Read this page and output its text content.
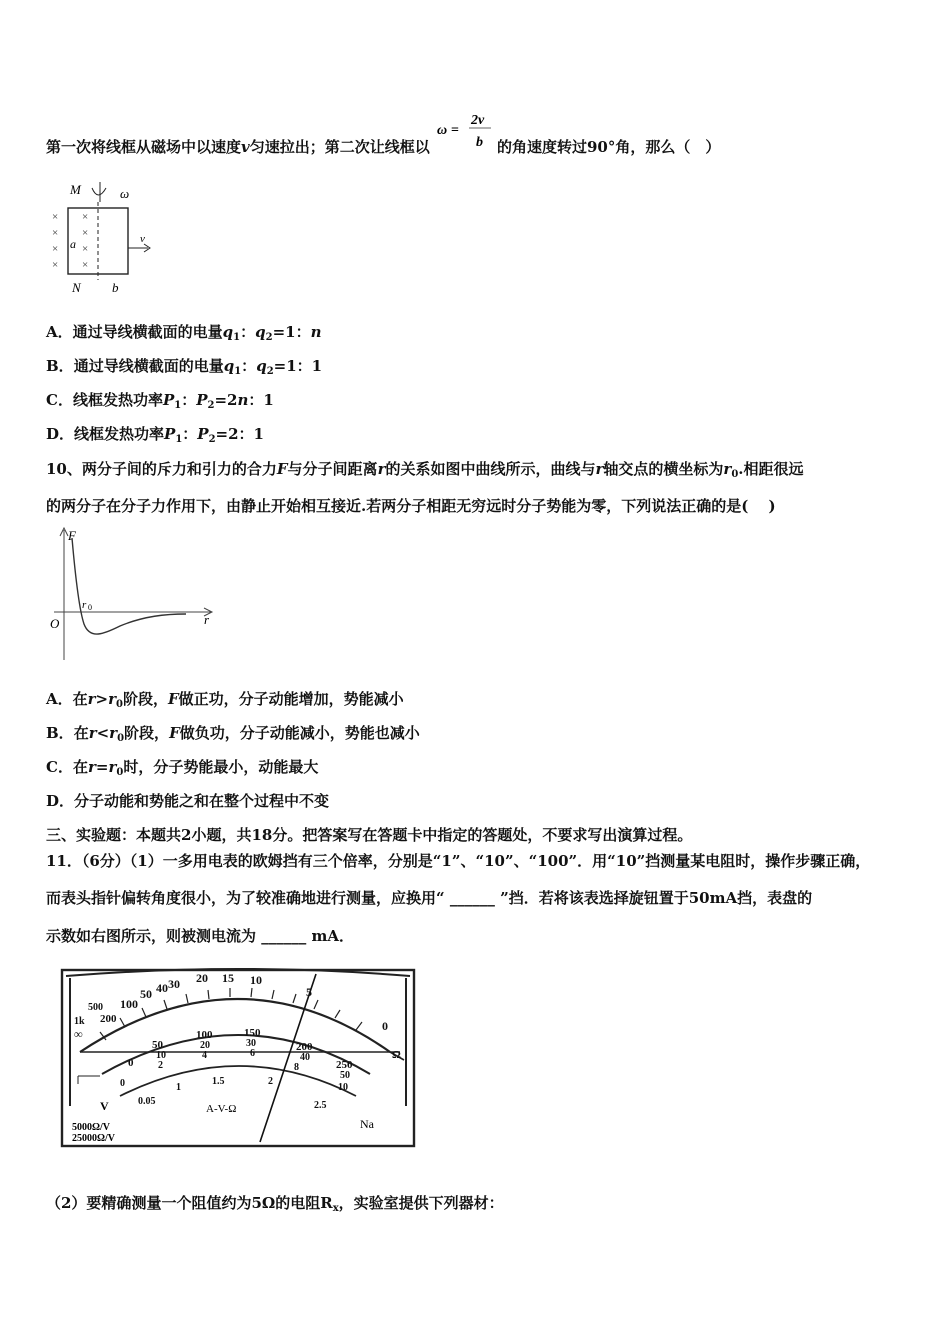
第一次将线框从磁场中以速度v匀速拉出；第二次让线框以
ω =
2v
b 的角速度转过90°角，那么（　）
M	ω
×
×
×
×
×
×
×
×
a	v
N b
A．通过导线横截面的电量$q_1$：$q_2=1$：n
B．通过导线横截面的电量$q_1$：$q_2=1$：1
C．线框发热功率$P_1$：$P_2=2n$：1
D．线框发热功率$P_1$：$P_2=2$：1
10、两分子间的斥力和引力的合力F与分子间距离r的关系如图中曲线所示，曲线与r轴交点的横坐标为$r_0$.相距很远
的两分子在分子力作用下，由静止开始相互接近.若两分子相距无穷远时分子势能为零，下列说法正确的是(　 )
F
r
O
r 0
A．在$r>r_0$阶段，F做正功，分子动能增加，势能减小
B．在$r<r_0$阶段，F做负功，分子动能减小，势能也减小
C．在$r=r_0$时，分子势能最小，动能最大
D．分子动能和势能之和在整个过程中不变
三、实验题：本题共2小题，共18分。把答案写在答题卡中指定的答题处，不要求写出演算过程。
11．（6分）（1）一多用电表的欧姆挡有三个倍率，分别是“1”、“10”、“100”．用“10”挡测量某电阻时，操作步骤正确，
而表头指针偏转角度很小，为了较准确地进行测量，应换用“ ______ ”挡．若将该表选择旋钮置于50mA挡，表盘的
示数如右图所示，则被测电流为 ______ mA．
∞
1k
500
200
100
50 40 30 20 15 10
5
0
Ω
0
50
100	150
200
250
10
20	30
40
50
2
4	6
8
10
0
0.05
1
1.5	2
2.5
V	A-V-Ω
Na
5000Ω/V
25000Ω/V
（2）要精确测量一个阻值约为5Ω的电阻$R_x$，实验室提供下列器材：
